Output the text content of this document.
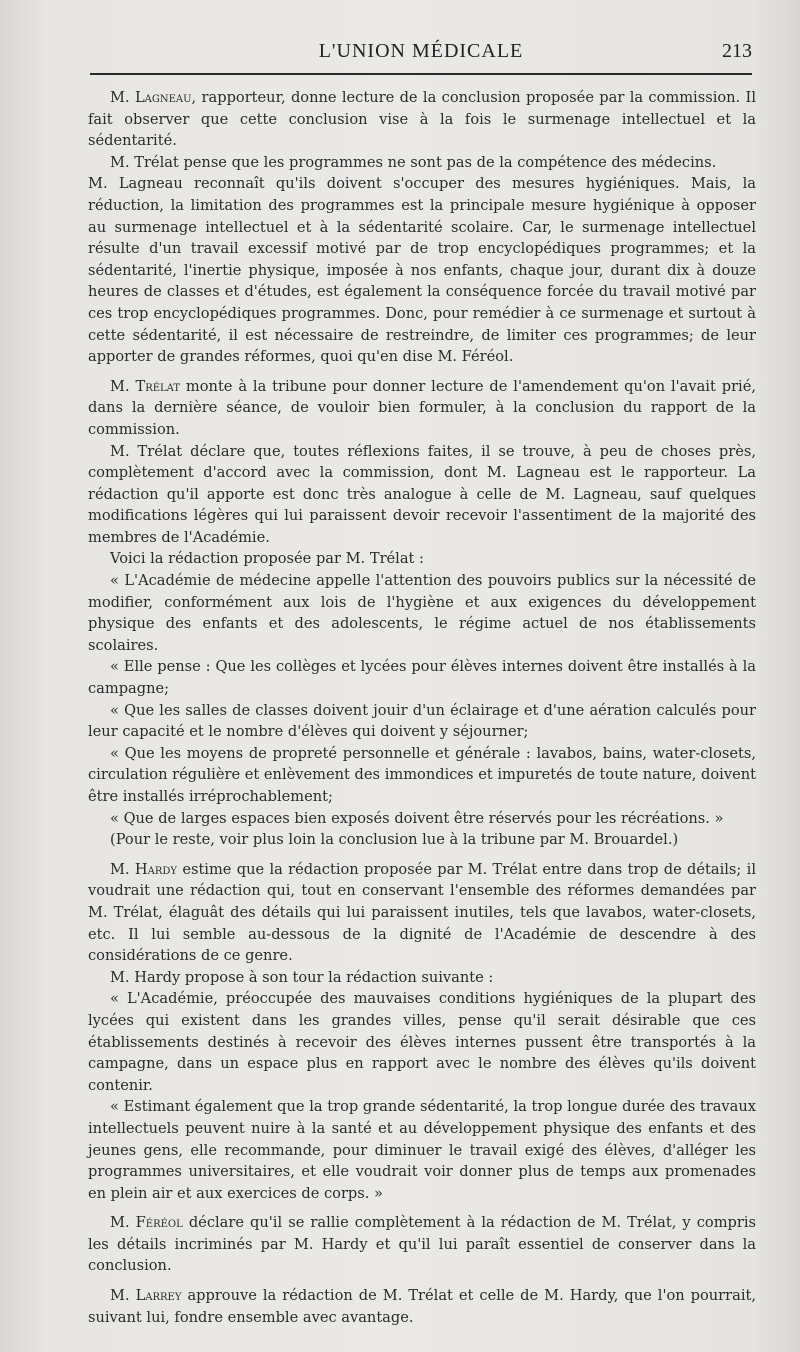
L'UNION MÉDICALE	213

M. Lagneau, rapporteur, donne lecture de la conclusion proposée par la commission. Il fait observer que cette conclusion vise à la fois le surmenage intellectuel et la sédentarité.

M. Trélat pense que les programmes ne sont pas de la compétence des médecins.

M. Lagneau reconnaît qu'ils doivent s'occuper des mesures hygiéniques. Mais, la réduction, la limitation des programmes est la principale mesure hygiénique à opposer au surmenage intellectuel et à la sédentarité scolaire. Car, le surmenage intellectuel résulte d'un travail excessif motivé par de trop encyclopédiques programmes; et la sédentarité, l'inertie physique, imposée à nos enfants, chaque jour, durant dix à douze heures de classes et d'études, est également la conséquence forcée du travail motivé par ces trop encyclopédiques programmes. Donc, pour remédier à ce surmenage et surtout à cette sédentarité, il est nécessaire de restreindre, de limiter ces programmes; de leur apporter de grandes réformes, quoi qu'en dise M. Féréol.

M. Trélat monte à la tribune pour donner lecture de l'amendement qu'on l'avait prié, dans la dernière séance, de vouloir bien formuler, à la conclusion du rapport de la commission.

M. Trélat déclare que, toutes réflexions faites, il se trouve, à peu de choses près, complètement d'accord avec la commission, dont M. Lagneau est le rapporteur. La rédaction qu'il apporte est donc très analogue à celle de M. Lagneau, sauf quelques modifications légères qui lui paraissent devoir recevoir l'assentiment de la majorité des membres de l'Académie.

Voici la rédaction proposée par M. Trélat :

« L'Académie de médecine appelle l'attention des pouvoirs publics sur la nécessité de modifier, conformément aux lois de l'hygiène et aux exigences du développement physique des enfants et des adolescents, le régime actuel de nos établissements scolaires.

« Elle pense : Que les collèges et lycées pour élèves internes doivent être installés à la campagne;

« Que les salles de classes doivent jouir d'un éclairage et d'une aération calculés pour leur capacité et le nombre d'élèves qui doivent y séjourner;

« Que les moyens de propreté personnelle et générale : lavabos, bains, water-closets, circulation régulière et enlèvement des immondices et impuretés de toute nature, doivent être installés irréprochablement;

« Que de larges espaces bien exposés doivent être réservés pour les récréations. »

(Pour le reste, voir plus loin la conclusion lue à la tribune par M. Brouardel.)

M. Hardy estime que la rédaction proposée par M. Trélat entre dans trop de détails; il voudrait une rédaction qui, tout en conservant l'ensemble des réformes demandées par M. Trélat, élaguât des détails qui lui paraissent inutiles, tels que lavabos, water-closets, etc. Il lui semble au-dessous de la dignité de l'Académie de descendre à des considérations de ce genre.

M. Hardy propose à son tour la rédaction suivante :

« L'Académie, préoccupée des mauvaises conditions hygiéniques de la plupart des lycées qui existent dans les grandes villes, pense qu'il serait désirable que ces établissements destinés à recevoir des élèves internes pussent être transportés à la campagne, dans un espace plus en rapport avec le nombre des élèves qu'ils doivent contenir.

« Estimant également que la trop grande sédentarité, la trop longue durée des travaux intellectuels peuvent nuire à la santé et au développement physique des enfants et des jeunes gens, elle recommande, pour diminuer le travail exigé des élèves, d'alléger les programmes universitaires, et elle voudrait voir donner plus de temps aux promenades en plein air et aux exercices de corps. »

M. Féréol déclare qu'il se rallie complètement à la rédaction de M. Trélat, y compris les détails incriminés par M. Hardy et qu'il lui paraît essentiel de conserver dans la conclusion.

M. Larrey approuve la rédaction de M. Trélat et celle de M. Hardy, que l'on pourrait, suivant lui, fondre ensemble avec avantage.
